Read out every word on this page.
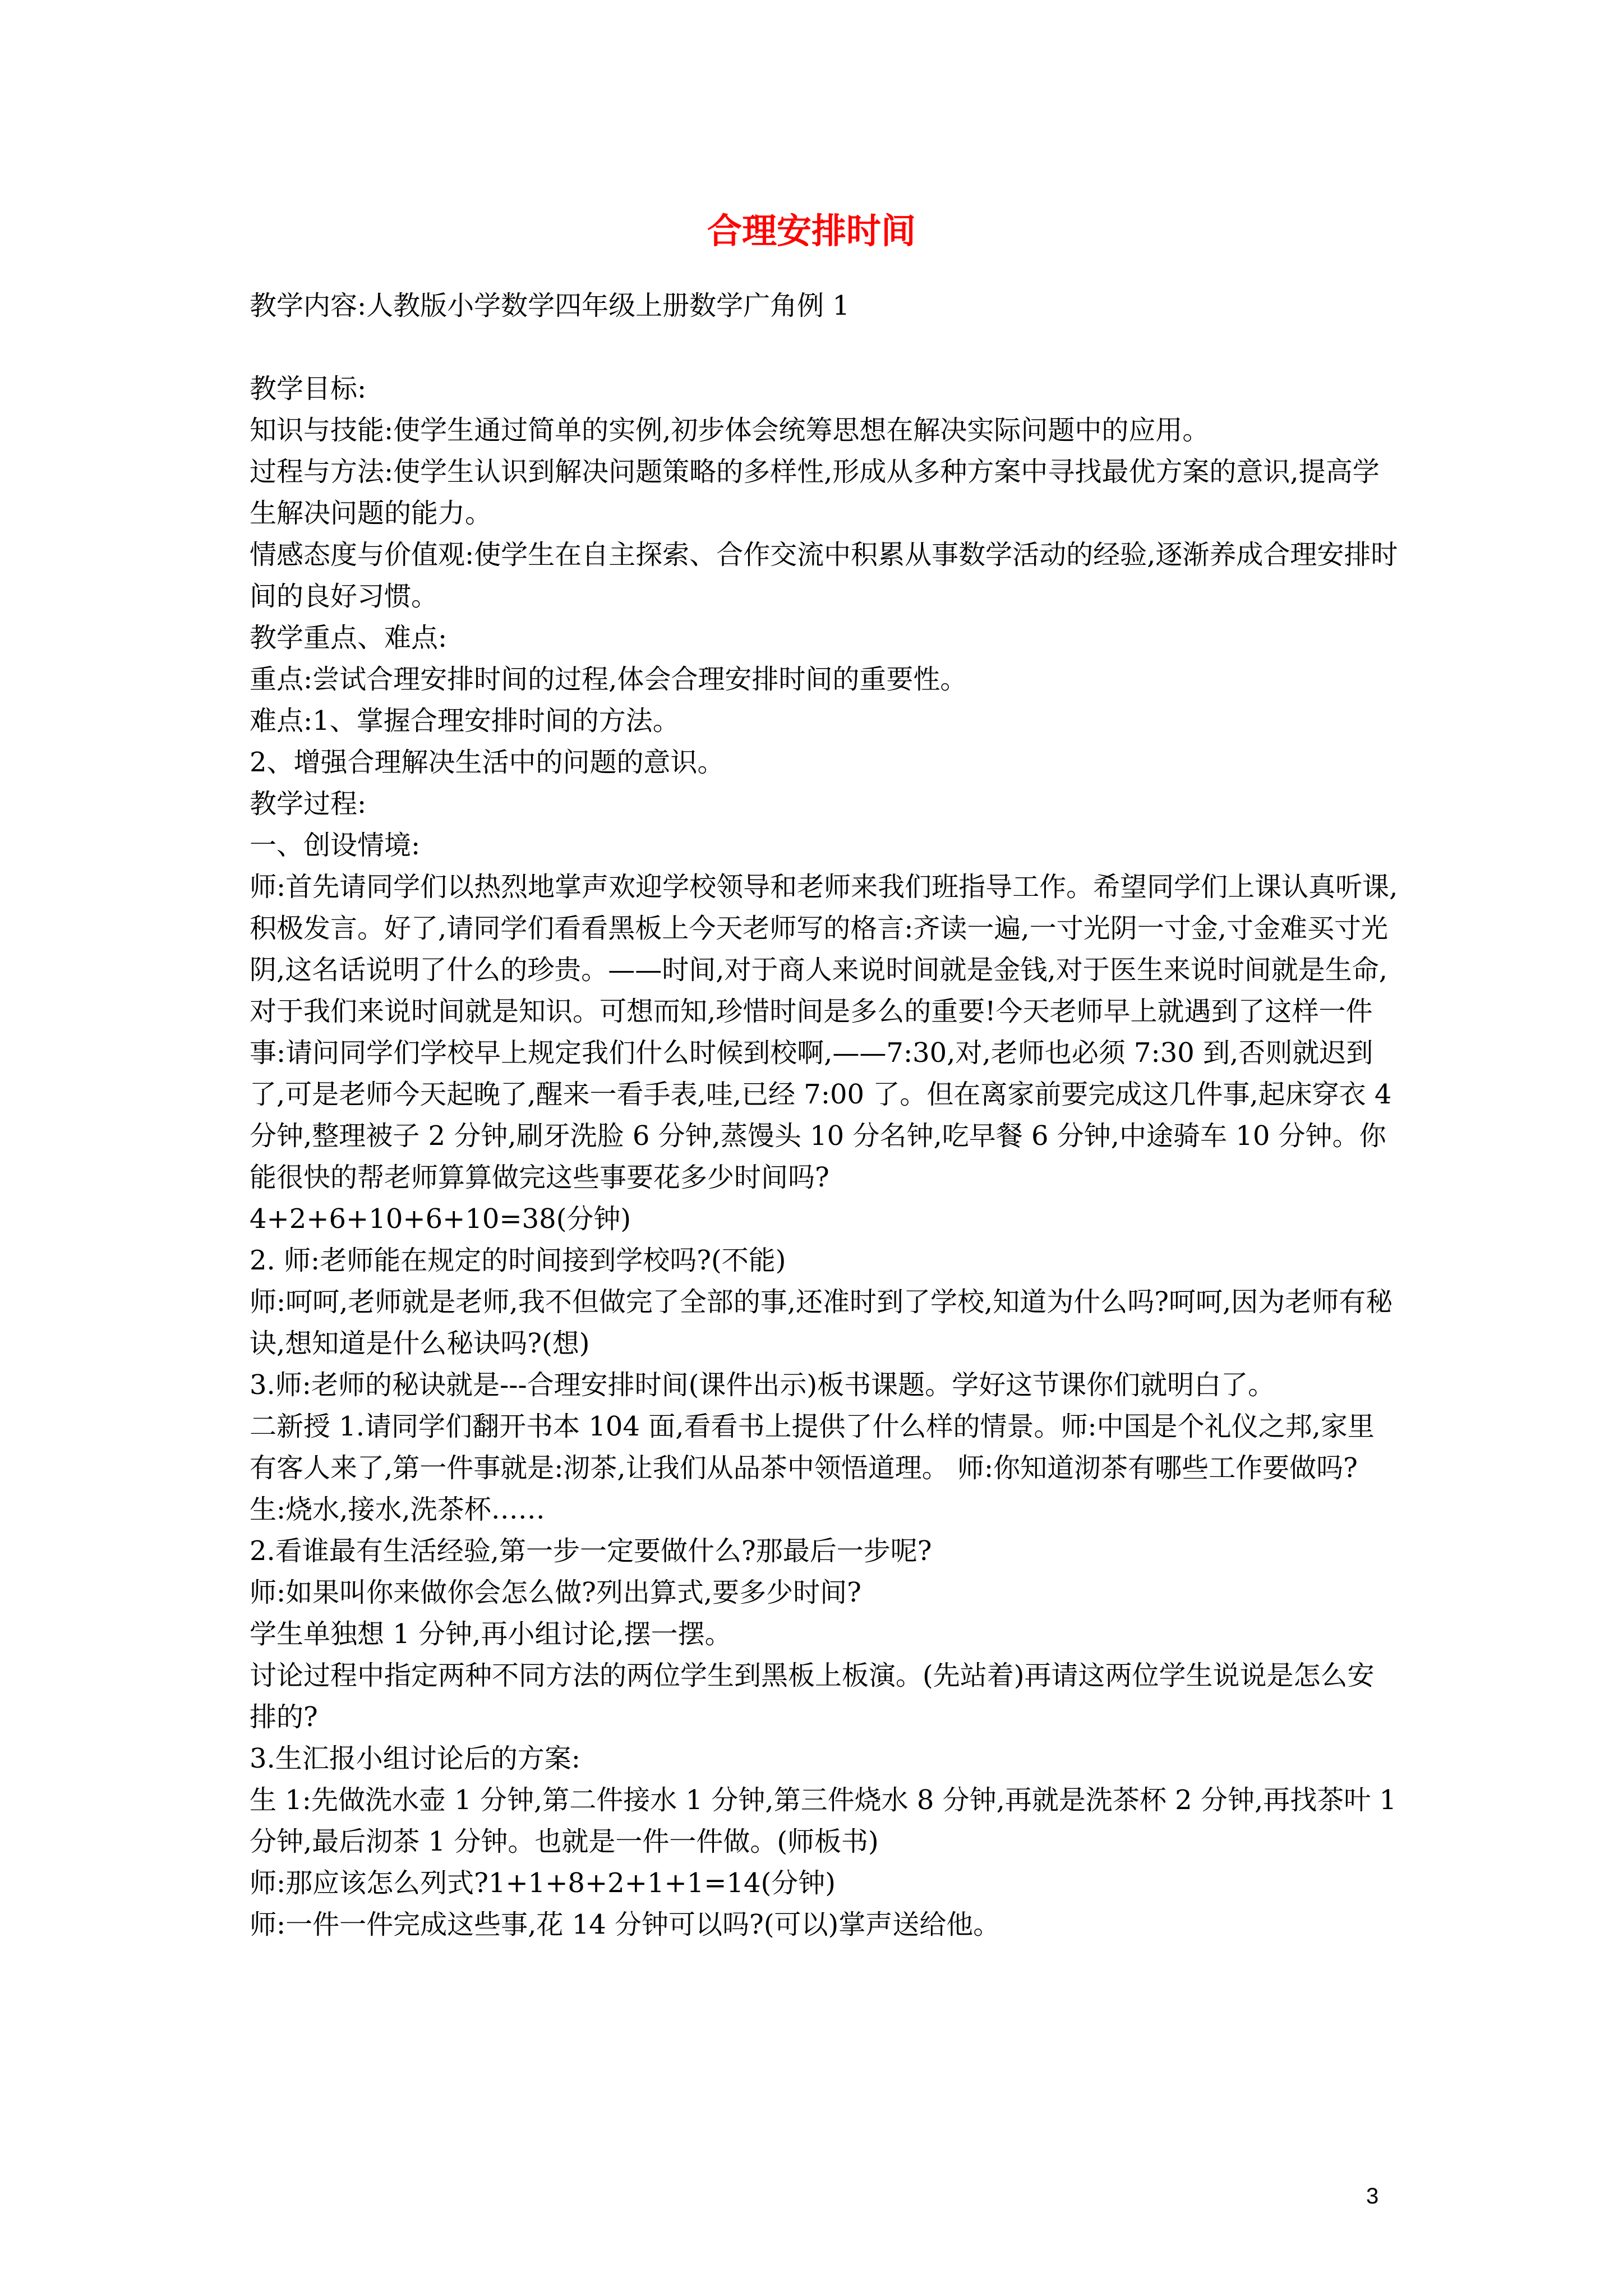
合理安排时间

教学内容:人教版小学数学四年级上册数学广角例 1

教学目标:

知识与技能:使学生通过简单的实例,初步体会统筹思想在解决实际问题中的应用。

过程与方法:使学生认识到解决问题策略的多样性,形成从多种方案中寻找最优方案的意识,提高学生解决问题的能力。

情感态度与价值观:使学生在自主探索、合作交流中积累从事数学活动的经验,逐渐养成合理安排时间的良好习惯。

教学重点、难点:

重点:尝试合理安排时间的过程,体会合理安排时间的重要性。

难点:1、掌握合理安排时间的方法。

2、增强合理解决生活中的问题的意识。

教学过程:

一、创设情境:

师:首先请同学们以热烈地掌声欢迎学校领导和老师来我们班指导工作。希望同学们上课认真听课,积极发言。好了,请同学们看看黑板上今天老师写的格言:齐读一遍,一寸光阴一寸金,寸金难买寸光阴,这名话说明了什么的珍贵。——时间,对于商人来说时间就是金钱,对于医生来说时间就是生命,对于我们来说时间就是知识。可想而知,珍惜时间是多么的重要!今天老师早上就遇到了这样一件事:请问同学们学校早上规定我们什么时候到校啊,——7:30,对,老师也必须 7:30 到,否则就迟到了,可是老师今天起晚了,醒来一看手表,哇,已经 7:00 了。但在离家前要完成这几件事,起床穿衣 4 分钟,整理被子 2 分钟,刷牙洗脸 6 分钟,蒸馒头 10 分名钟,吃早餐 6 分钟,中途骑车 10 分钟。你能很快的帮老师算算做完这些事要花多少时间吗?

4+2+6+10+6+10=38(分钟)

2. 师:老师能在规定的时间接到学校吗?(不能)

师:呵呵,老师就是老师,我不但做完了全部的事,还准时到了学校,知道为什么吗?呵呵,因为老师有秘诀,想知道是什么秘诀吗?(想)

3.师:老师的秘诀就是---合理安排时间(课件出示)板书课题。学好这节课你们就明白了。

二新授 1.请同学们翻开书本 104 面,看看书上提供了什么样的情景。师:中国是个礼仪之邦,家里有客人来了,第一件事就是:沏茶,让我们从品茶中领悟道理。 师:你知道沏茶有哪些工作要做吗?

生:烧水,接水,洗茶杯……

2.看谁最有生活经验,第一步一定要做什么?那最后一步呢?

师:如果叫你来做你会怎么做?列出算式,要多少时间?

学生单独想 1 分钟,再小组讨论,摆一摆。

讨论过程中指定两种不同方法的两位学生到黑板上板演。(先站着)再请这两位学生说说是怎么安排的?

3.生汇报小组讨论后的方案:

生 1:先做洗水壶 1 分钟,第二件接水 1 分钟,第三件烧水 8 分钟,再就是洗茶杯 2 分钟,再找茶叶 1 分钟,最后沏茶 1 分钟。也就是一件一件做。(师板书)

师:那应该怎么列式?1+1+8+2+1+1=14(分钟)

师:一件一件完成这些事,花 14 分钟可以吗?(可以)掌声送给他。

3
